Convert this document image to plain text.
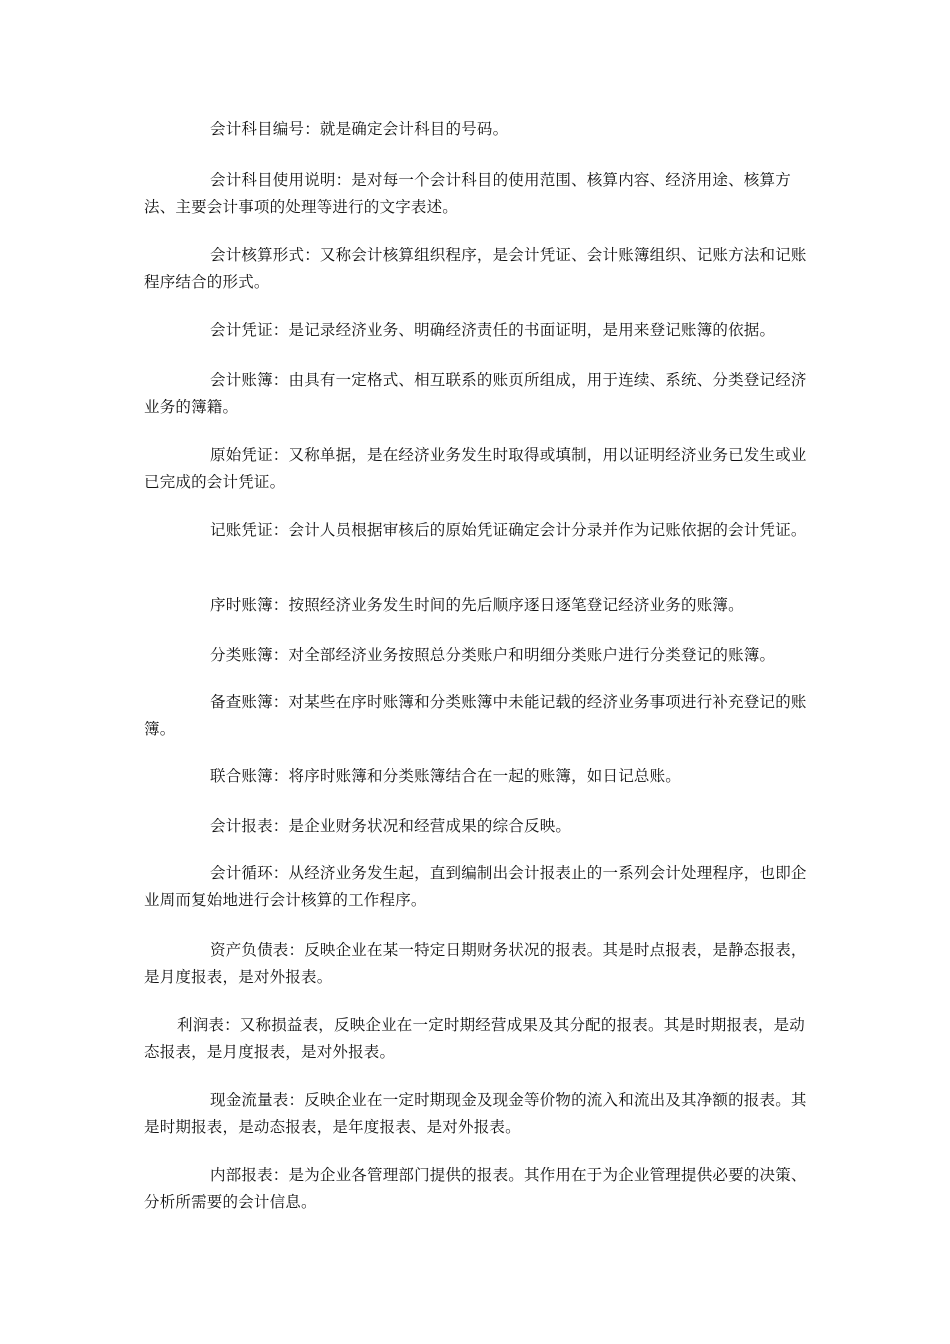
会计科目编号：就是确定会计科目的号码。

会计科目使用说明：是对每一个会计科目的使用范围、核算内容、经济用途、核算方法、主要会计事项的处理等进行的文字表述。

会计核算形式：又称会计核算组织程序，是会计凭证、会计账簿组织、记账方法和记账程序结合的形式。

会计凭证：是记录经济业务、明确经济责任的书面证明，是用来登记账簿的依据。

会计账簿：由具有一定格式、相互联系的账页所组成，用于连续、系统、分类登记经济业务的簿籍。

原始凭证：又称单据，是在经济业务发生时取得或填制，用以证明经济业务已发生或业已完成的会计凭证。

记账凭证：会计人员根据审核后的原始凭证确定会计分录并作为记账依据的会计凭证。

序时账簿：按照经济业务发生时间的先后顺序逐日逐笔登记经济业务的账簿。

分类账簿：对全部经济业务按照总分类账户和明细分类账户进行分类登记的账簿。

备查账簿：对某些在序时账簿和分类账簿中未能记载的经济业务事项进行补充登记的账簿。

联合账簿：将序时账簿和分类账簿结合在一起的账簿，如日记总账。

会计报表：是企业财务状况和经营成果的综合反映。

会计循环：从经济业务发生起，直到编制出会计报表止的一系列会计处理程序，也即企业周而复始地进行会计核算的工作程序。

资产负债表：反映企业在某一特定日期财务状况的报表。其是时点报表，是静态报表，是月度报表，是对外报表。

利润表：又称损益表，反映企业在一定时期经营成果及其分配的报表。其是时期报表，是动态报表，是月度报表，是对外报表。

现金流量表：反映企业在一定时期现金及现金等价物的流入和流出及其净额的报表。其是时期报表，是动态报表，是年度报表、是对外报表。

内部报表：是为企业各管理部门提供的报表。其作用在于为企业管理提供必要的决策、分析所需要的会计信息。
